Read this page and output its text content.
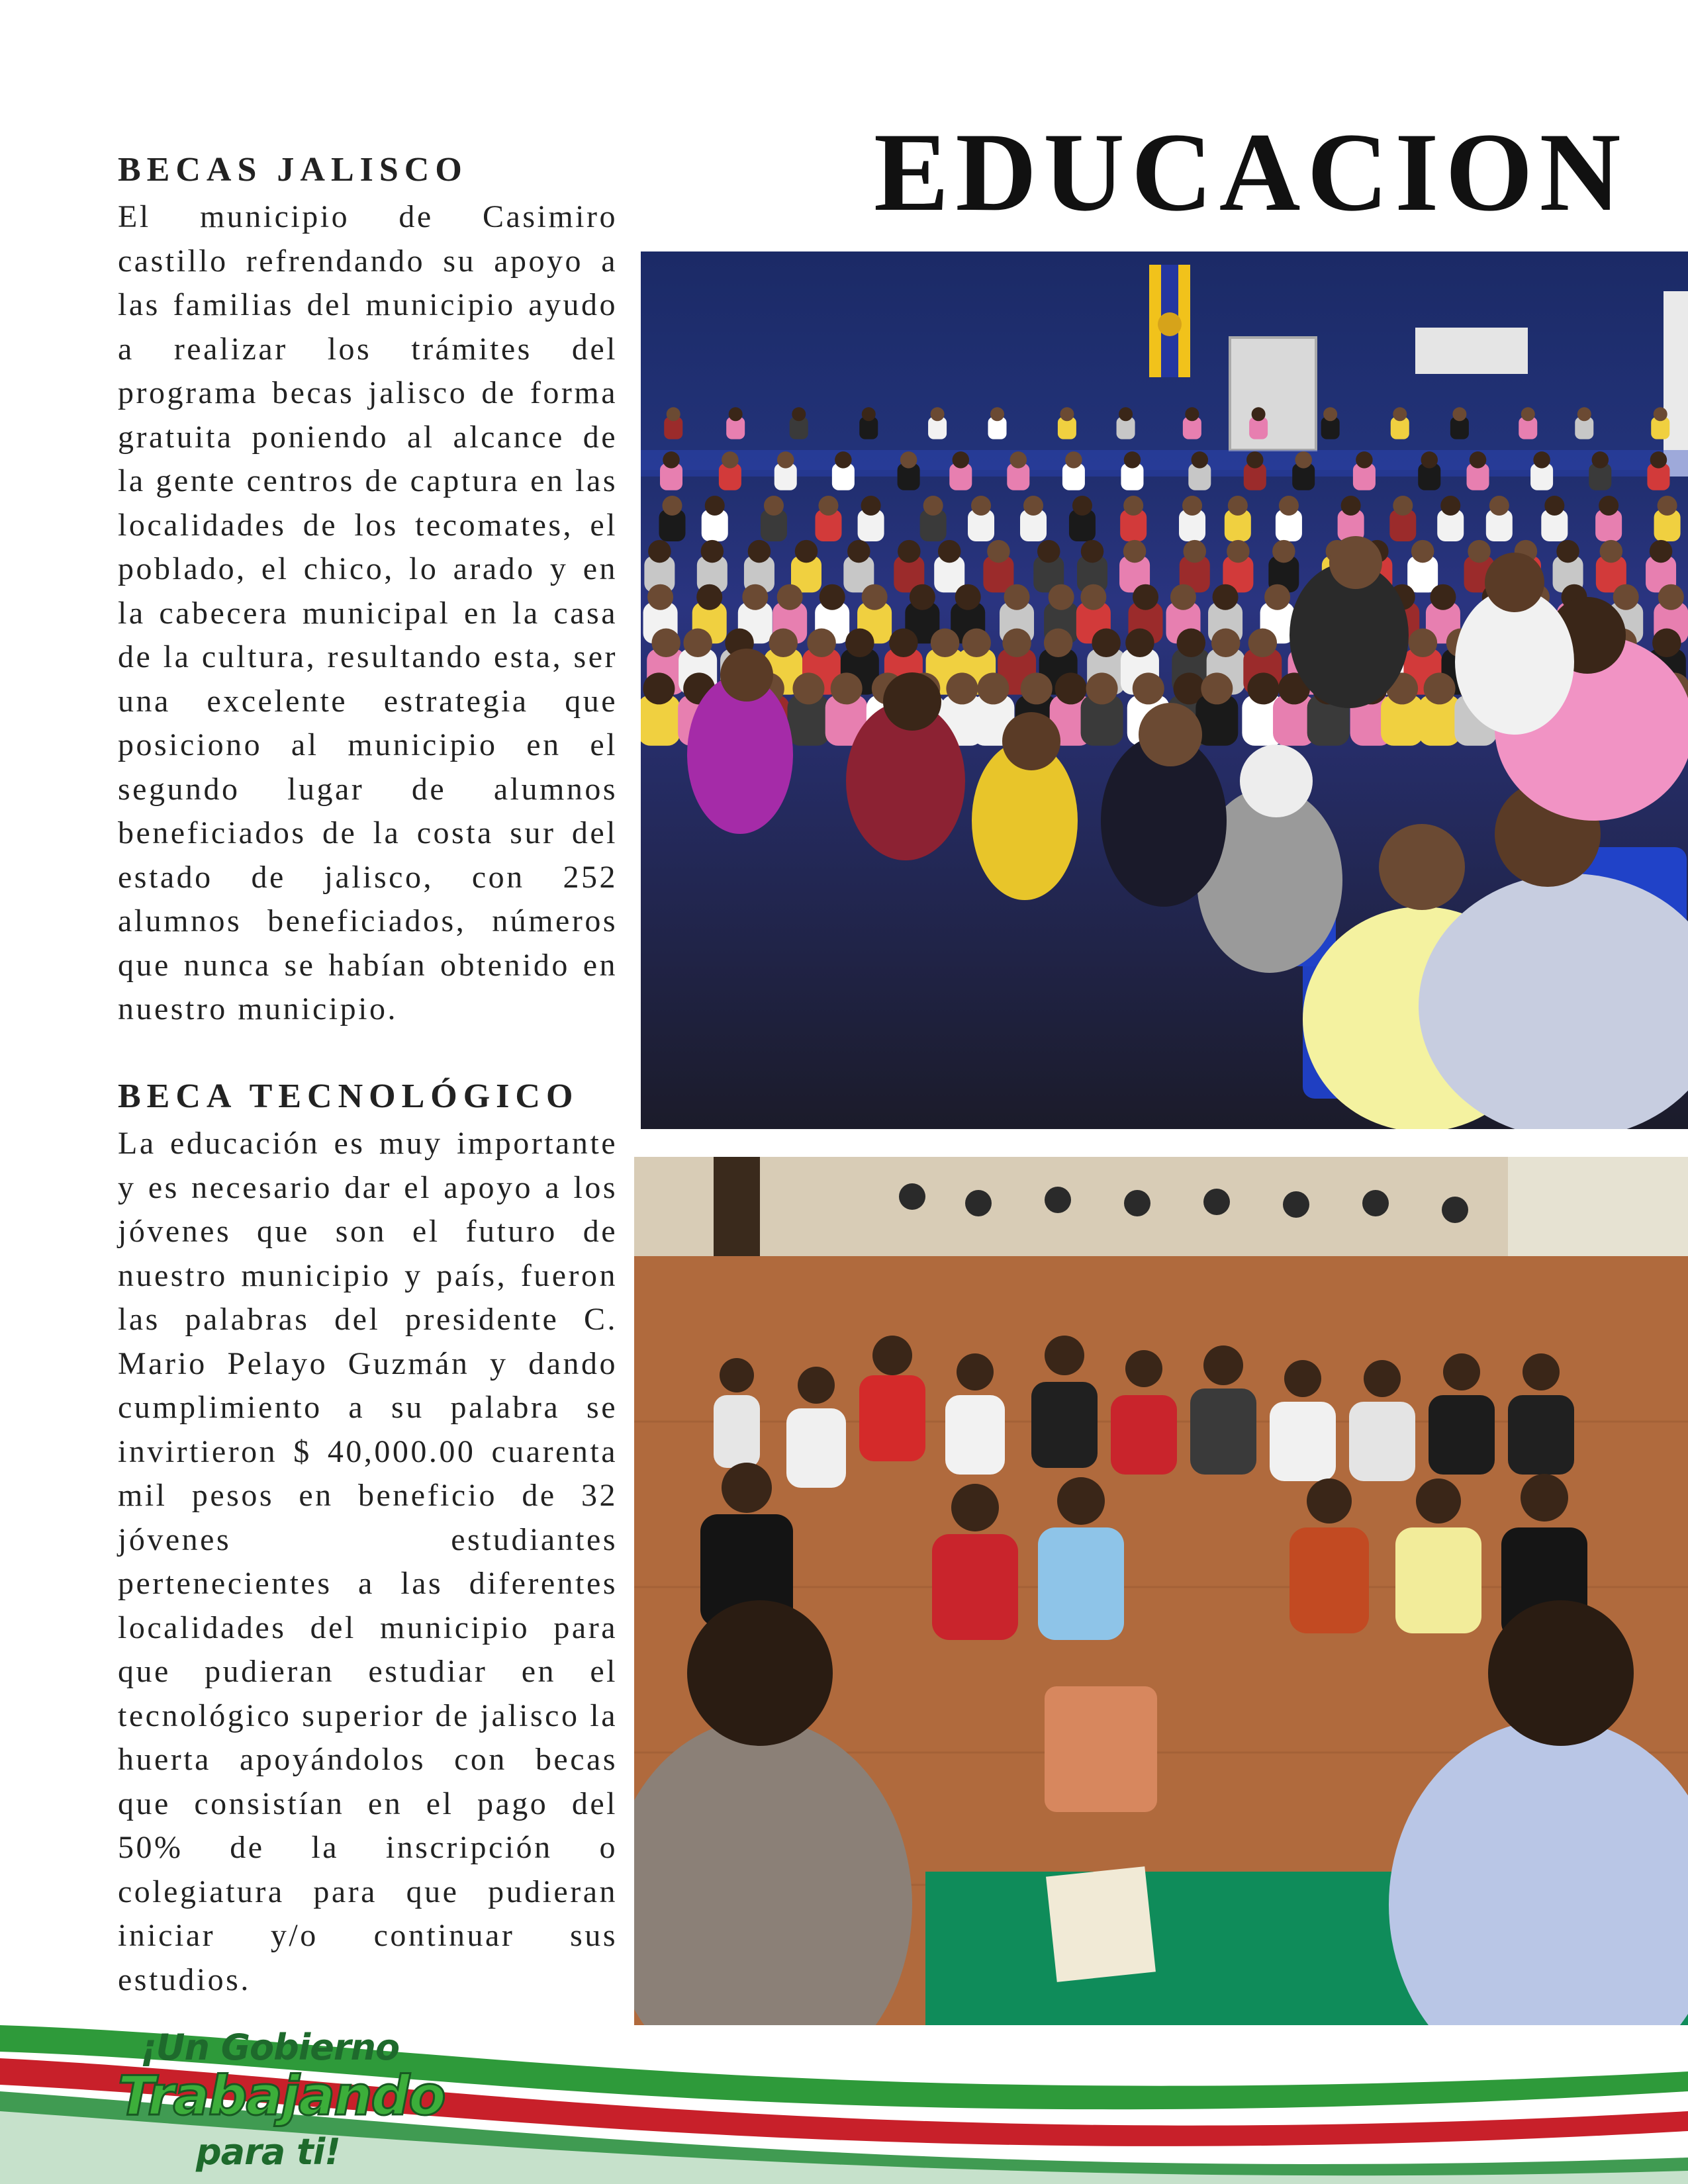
EDUCACION
BECAS JALISCO

El municipio de Casimiro castillo refrendando su apoyo a las familias del municipio ayudo a realizar los trámites del programa becas jalisco de forma gratuita poniendo al alcance de la gente centros de captura en las localidades de los tecomates, el poblado, el chico, lo arado y en la cabecera municipal en la casa de la cultura, resultando esta, ser una excelente estrategia que posiciono al municipio en el segundo lugar de alumnos beneficiados de la costa sur del estado de jalisco, con 252 alumnos beneficiados, números que nunca se habían obtenido en nuestro municipio.

BECA TECNOLÓGICO

La educación es muy importante y es necesario dar el apoyo a los jóvenes que son el futuro de nuestro municipio y país, fueron las palabras del presidente C. Mario Pelayo Guzmán y dando cumplimiento a su palabra se invirtieron $ 40,000.00 cuarenta mil pesos en beneficio de 32 jóvenes estudiantes pertenecientes a las diferentes localidades del municipio para que pudieran estudiar en el tecnológico superior de jalisco la huerta apoyándolos con becas que consistían en el pago del 50% de la inscripción o colegiatura para que pudieran iniciar y/o continuar sus estudios.

¡Un Gobierno
Trabajando
para ti!
